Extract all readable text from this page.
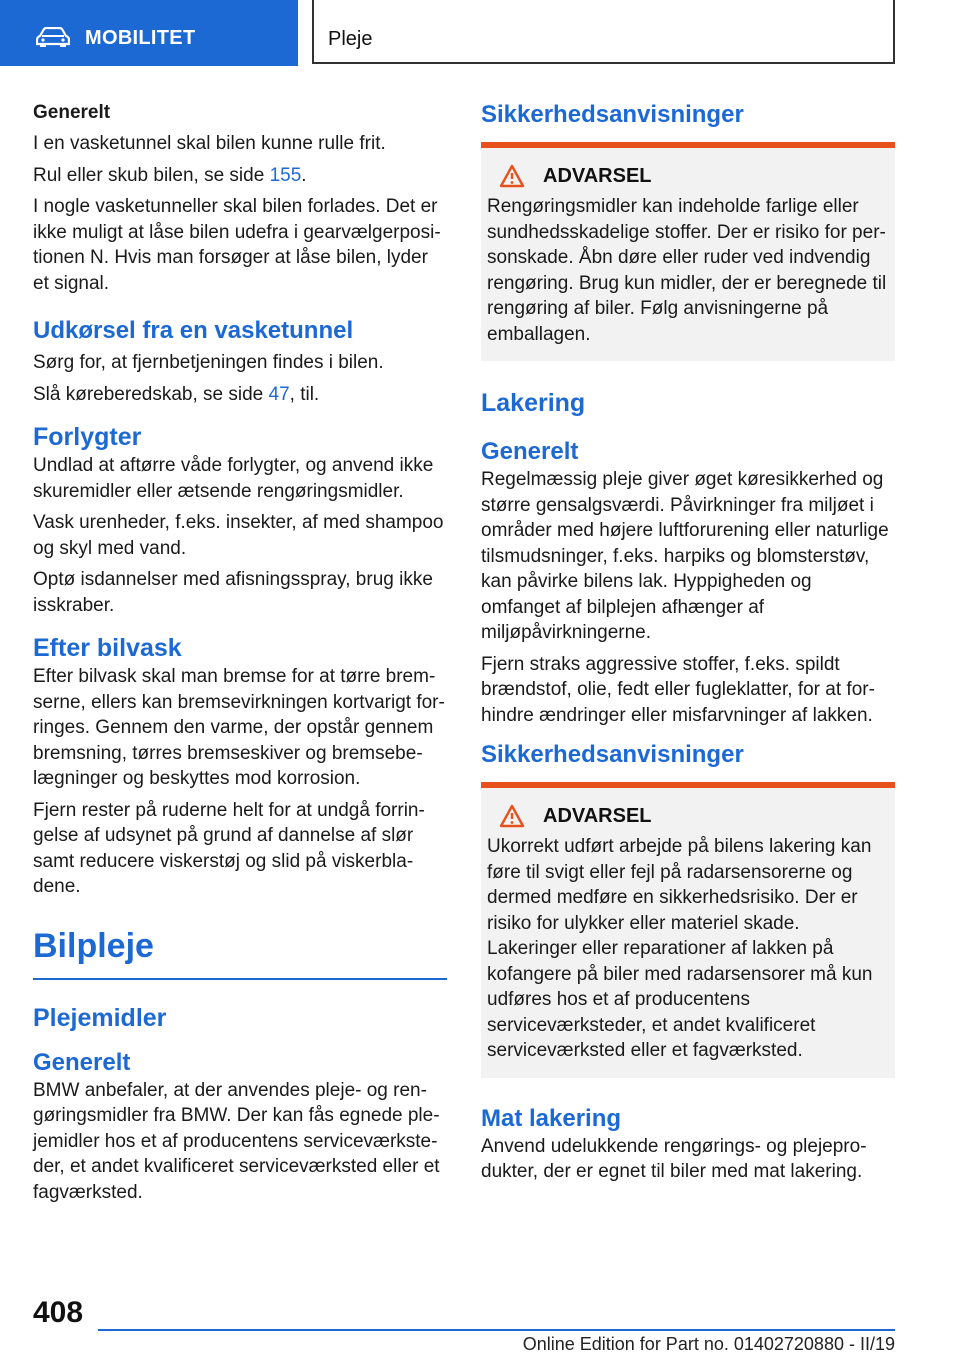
MOBILITET	Pleje
Generelt

I en vasketunnel skal bilen kunne rulle frit.

Rul eller skub bilen, se side 155.

I nogle vasketunneller skal bilen forlades. Det er ikke muligt at låse bilen udefra i gearvælgerpositionen N. Hvis man forsøger at låse bilen, lyder et signal.

Udkørsel fra en vasketunnel

Sørg for, at fjernbetjeningen findes i bilen.

Slå køreberedskab, se side 47, til.

Forlygter

Undlad at aftørre våde forlygter, og anvend ikke skuremidler eller ætsende rengøringsmidler.

Vask urenheder, f.eks. insekter, af med shampoo og skyl med vand.

Optø isdannelser med afisningsspray, brug ikke isskraber.

Efter bilvask

Efter bilvask skal man bremse for at tørre bremserne, ellers kan bremsevirkningen kortvarigt forringes. Gennem den varme, der opstår gennem bremsning, tørres bremseskiver og bremsebelægninger og beskyttes mod korrosion.

Fjern rester på ruderne helt for at undgå forringelse af udsynet på grund af dannelse af slør samt reducere viskerstøj og slid på viskerbladene.

Bilpleje
Plejemidler
Generelt

BMW anbefaler, at der anvendes pleje- og rengøringsmidler fra BMW. Der kan fås egnede plejemidler hos et af producentens serviceværksteder, et andet kvalificeret serviceværksted eller et fagværksted.

Sikkerhedsanvisninger
ADVARSEL

Rengøringsmidler kan indeholde farlige eller sundhedsskadelige stoffer. Der er risiko for personskade. Åbn døre eller ruder ved indvendig rengøring. Brug kun midler, der er beregnede til rengøring af biler. Følg anvisningerne på emballagen.

Lakering
Generelt

Regelmæssig pleje giver øget køresikkerhed og større gensalgsværdi. Påvirkninger fra miljøet i områder med højere luftforurening eller naturlige tilsmudsninger, f.eks. harpiks og blomsterstøv, kan påvirke bilens lak. Hyppigheden og omfanget af bilplejen afhænger af miljøpåvirkningerne.

Fjern straks aggressive stoffer, f.eks. spildt brændstof, olie, fedt eller fugleklatter, for at forhindre ændringer eller misfarvninger af lakken.

Sikkerhedsanvisninger
ADVARSEL

Ukorrekt udført arbejde på bilens lakering kan føre til svigt eller fejl på radarsensorerne og dermed medføre en sikkerhedsrisiko. Der er risiko for ulykker eller materiel skade. Lakeringer eller reparationer af lakken på kofangere på biler med radarsensorer må kun udføres hos et af producentens serviceværksteder, et andet kvalificeret serviceværksted eller et fagværksted.

Mat lakering

Anvend udelukkende rengørings- og plejeprodukter, der er egnet til biler med mat lakering.

408
Online Edition for Part no. 01402720880 - II/19
